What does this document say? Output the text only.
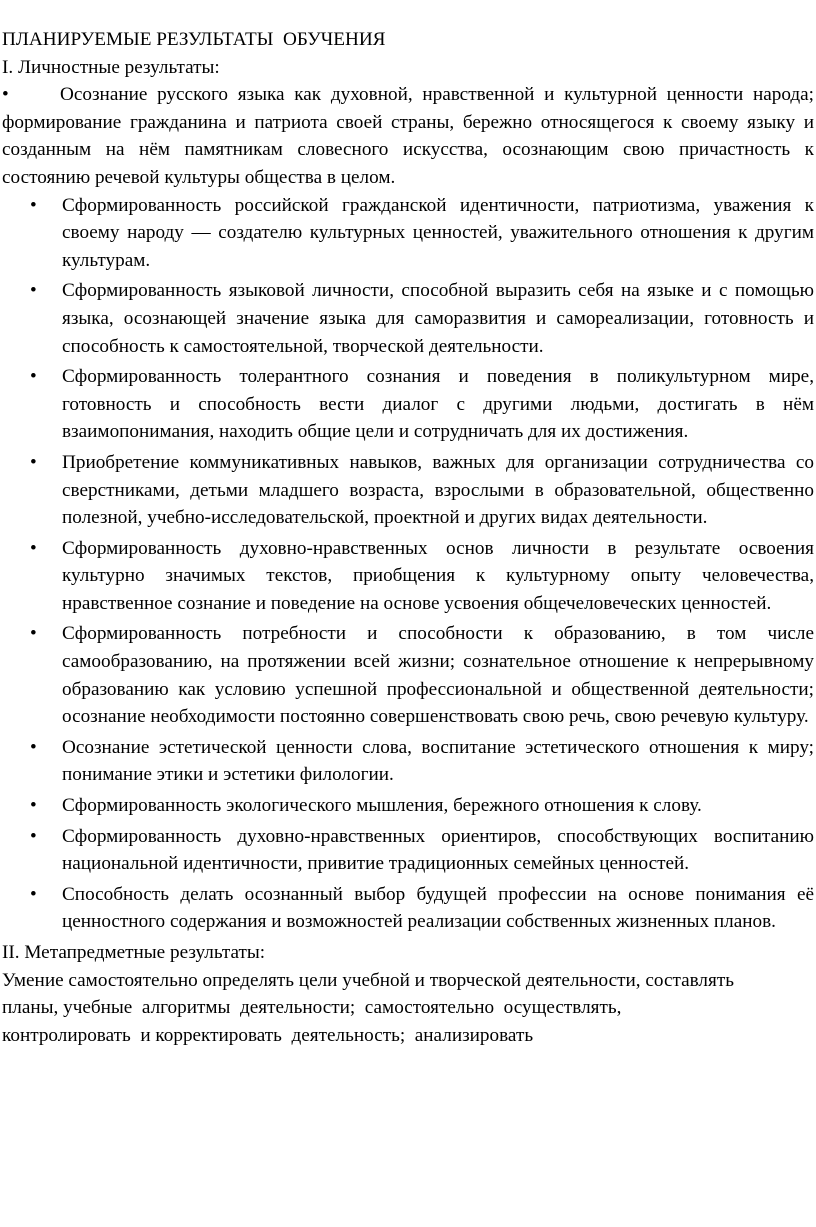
ПЛАНИРУЕМЫЕ РЕЗУЛЬТАТЫ  ОБУЧЕНИЯ
I. Личностные результаты:
•	Осознание русского языка как духовной, нравственной и культурной ценности народа; формирование гражданина и патриота своей страны, бережно относящегося к своему языку и созданным на нём памятникам словесного искусства, осознающим свою причастность к состоянию речевой культуры общества в целом.
• Сформированность российской гражданской идентичности, патриотизма, уважения к своему народу — создателю культурных ценностей, уважительного отношения к другим культурам.
• Сформированность языковой личности, способной выразить себя на языке и с помощью языка, осознающей значение языка для саморазвития и самореализации, готовность и способность к самостоятельной, творческой деятельности.
• Сформированность толерантного сознания и поведения в поликультурном мире, готовность и способность вести диалог с другими людьми, достигать в нём взаимопонимания, находить общие цели и сотрудничать для их достижения.
• Приобретение коммуникативных навыков, важных для организации сотрудничества со сверстниками, детьми младшего возраста, взрослыми в образовательной, общественно полезной, учебно-исследовательской, проектной и других видах деятельности.
• Сформированность духовно-нравственных основ личности в результате освоения культурно значимых текстов, приобщения к культурному опыту человечества, нравственное сознание и поведение на основе усвоения общечеловеческих ценностей.
• Сформированность потребности и способности к образованию, в том числе самообразованию, на протяжении всей жизни; сознательное отношение к непрерывному образованию как условию успешной профессиональной и общественной деятельности; осознание необходимости постоянно совершенствовать свою речь, свою речевую культуру.
• Осознание эстетической ценности слова, воспитание эстетического отношения к миру; понимание этики и эстетики филологии.
• Сформированность экологического мышления, бережного отношения к слову.
• Сформированность духовно-нравственных ориентиров, способствующих воспитанию национальной идентичности, привитие традиционных семейных ценностей.
• Способность делать осознанный выбор будущей профессии на основе понимания её ценностного содержания и возможностей реализации собственных жизненных планов.
II. Метапредметные результаты:
Умение самостоятельно определять цели учебной и творческой деятельности, составлять
планы, учебные  алгоритмы  деятельности;  самостоятельно  осуществлять,
контролировать  и корректировать  деятельность;  анализировать
